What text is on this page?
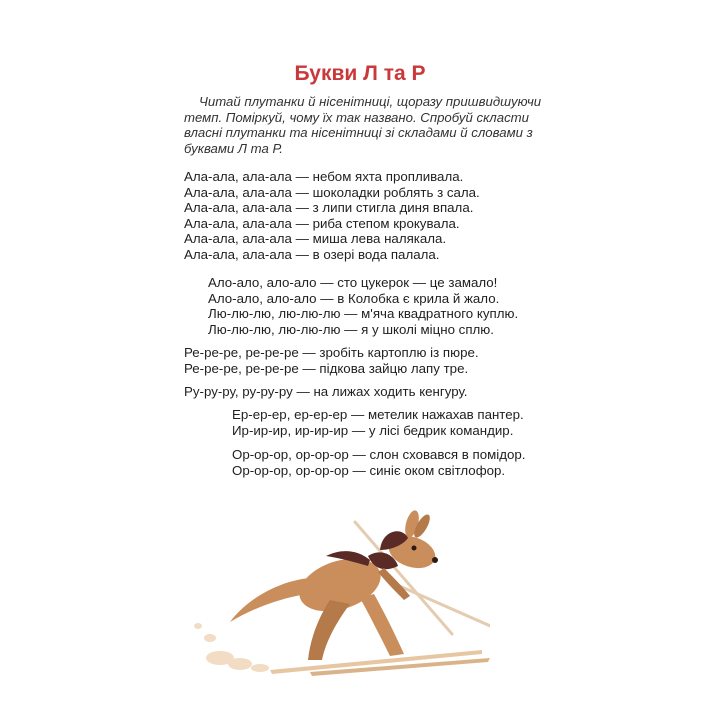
Букви Л та Р

Читай плутанки й нісенітниці, щоразу пришвидшуючи темп. Поміркуй, чому їх так названо. Спробуй скласти власні плутанки та нісенітниці зі складами й словами з буквами Л та Р.

Ала-ала, ала-ала — небом яхта пропливала.
Ала-ала, ала-ала — шоколадки роблять з сала.
Ала-ала, ала-ала — з липи стигла диня впала.
Ала-ала, ала-ала — риба степом крокувала.
Ала-ала, ала-ала — миша лева налякала.
Ала-ала, ала-ала — в озері вода палала.
Ало-ало, ало-ало — сто цукерок — це замало!
Ало-ало, ало-ало — в Колобка є крила й жало.
Лю-лю-лю, лю-лю-лю — м'яча квадратного куплю.
Лю-лю-лю, лю-лю-лю — я у школі міцно сплю.
Ре-ре-ре, ре-ре-ре — зробіть картоплю із пюре.
Ре-ре-ре, ре-ре-ре — підкова зайцю лапу тре.
Ру-ру-ру, ру-ру-ру — на лижах ходить кенгуру.
Ер-ер-ер, ер-ер-ер — метелик нажахав пантер.
Ир-ир-ир, ир-ир-ир — у лісі бедрик командир.
Ор-ор-ор, ор-ор-ор — слон сховався в помідор.
Ор-ор-ор, ор-ор-ор — синіє оком світлофор.
